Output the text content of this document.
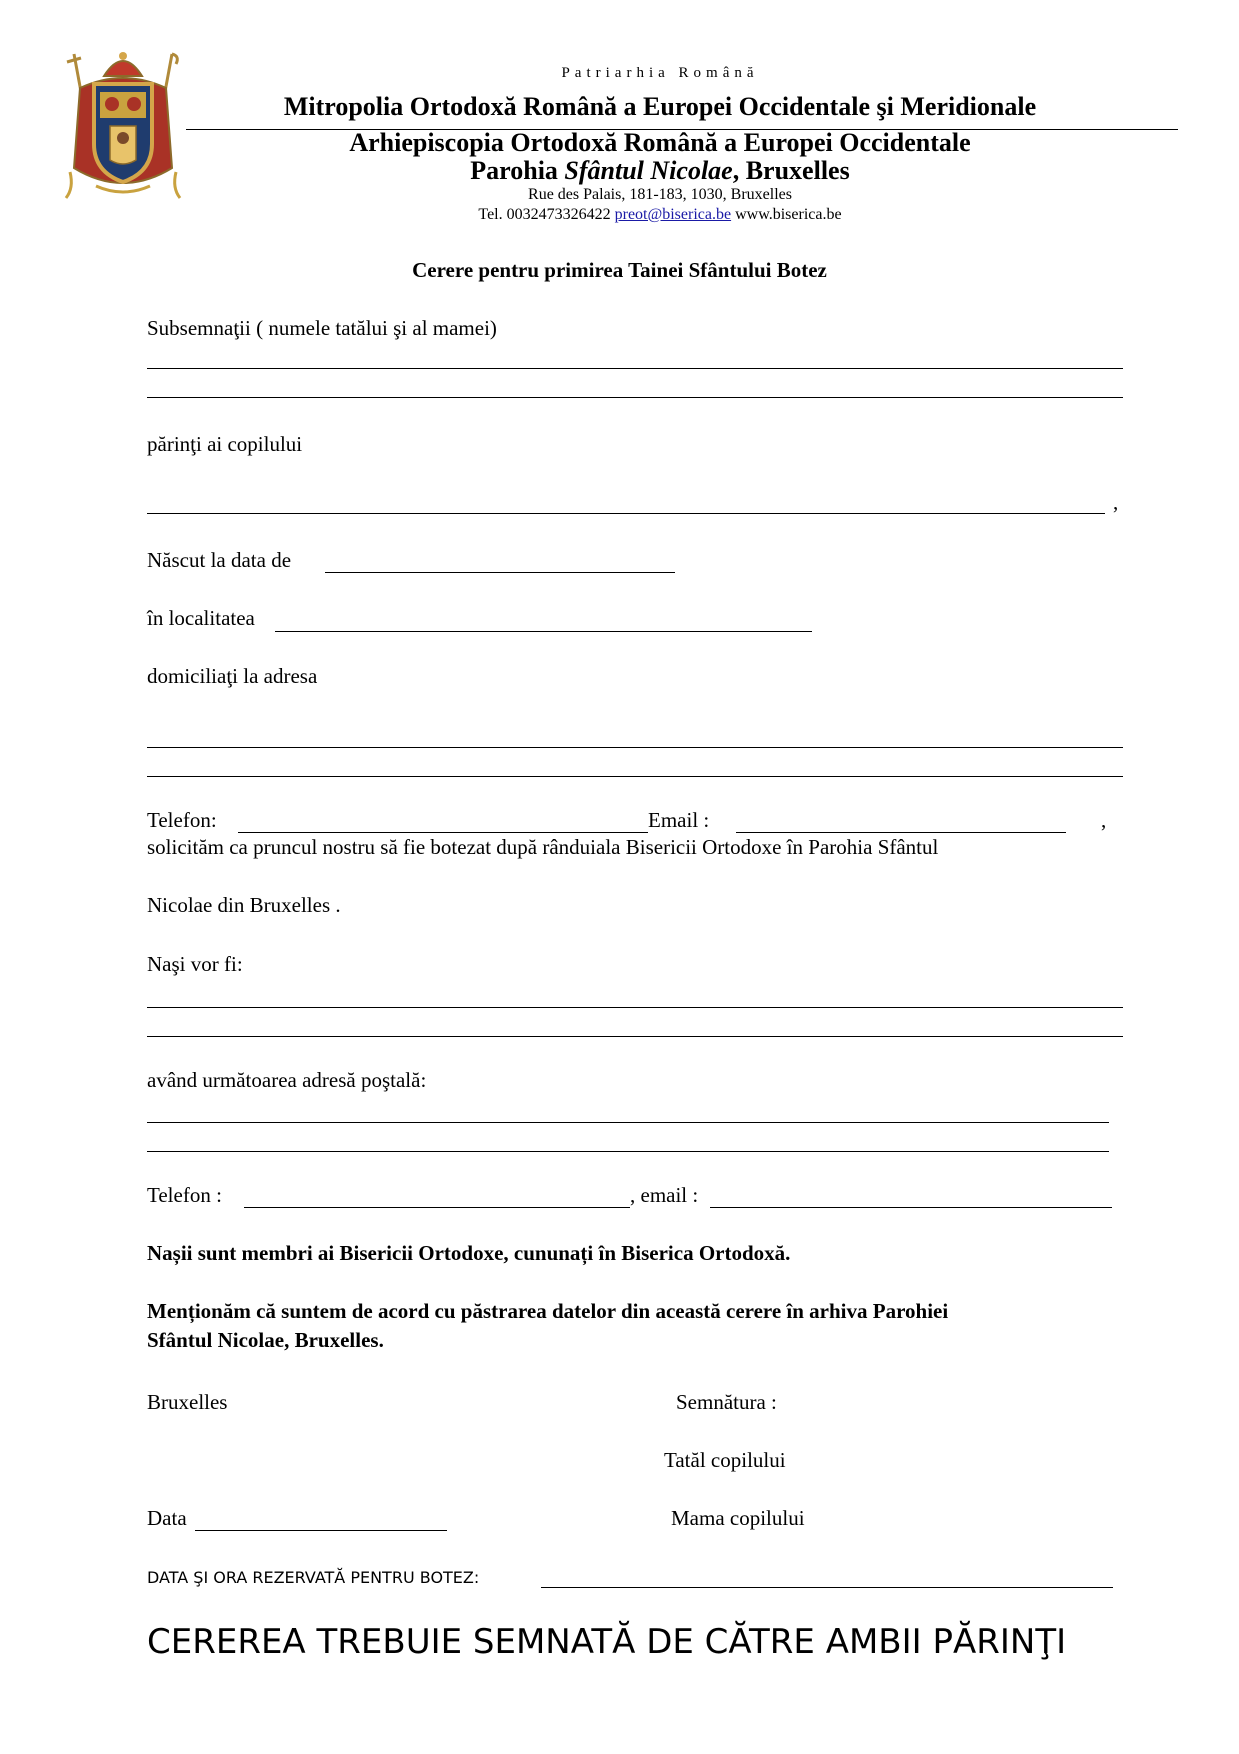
Patriarhia Română
Mitropolia Ortodoxă Română a Europei Occidentale şi Meridionale
Arhiepiscopia Ortodoxă Română a Europei Occidentale
Parohia Sfântul Nicolae, Bruxelles
Rue des Palais, 181-183, 1030, Bruxelles
Tel. 0032473326422 preot@biserica.be www.biserica.be
Cerere pentru primirea Tainei Sfântului Botez
Subsemnaţii ( numele tatălui şi al mamei)
părinţi ai copilului
,
Născut la data de
în localitatea
domiciliaţi la adresa
Telefon:	Email :	,
solicităm ca pruncul nostru să fie botezat după rânduiala Bisericii Ortodoxe în Parohia Sfântul
Nicolae din Bruxelles .
Naşi vor fi:
având următoarea adresă poştală:
Telefon :	, email :
Nașii sunt membri ai Bisericii Ortodoxe, cununați în Biserica Ortodoxă.
Menționăm că suntem de acord cu păstrarea datelor din această cerere în arhiva Parohiei
Sfântul Nicolae, Bruxelles.
Bruxelles	Semnătura :
Tatăl copilului
Data	Mama copilului
DATA ŞI ORA REZERVATĂ PENTRU BOTEZ:
CEREREA TREBUIE SEMNATĂ DE CĂTRE AMBII PĂRINŢI
